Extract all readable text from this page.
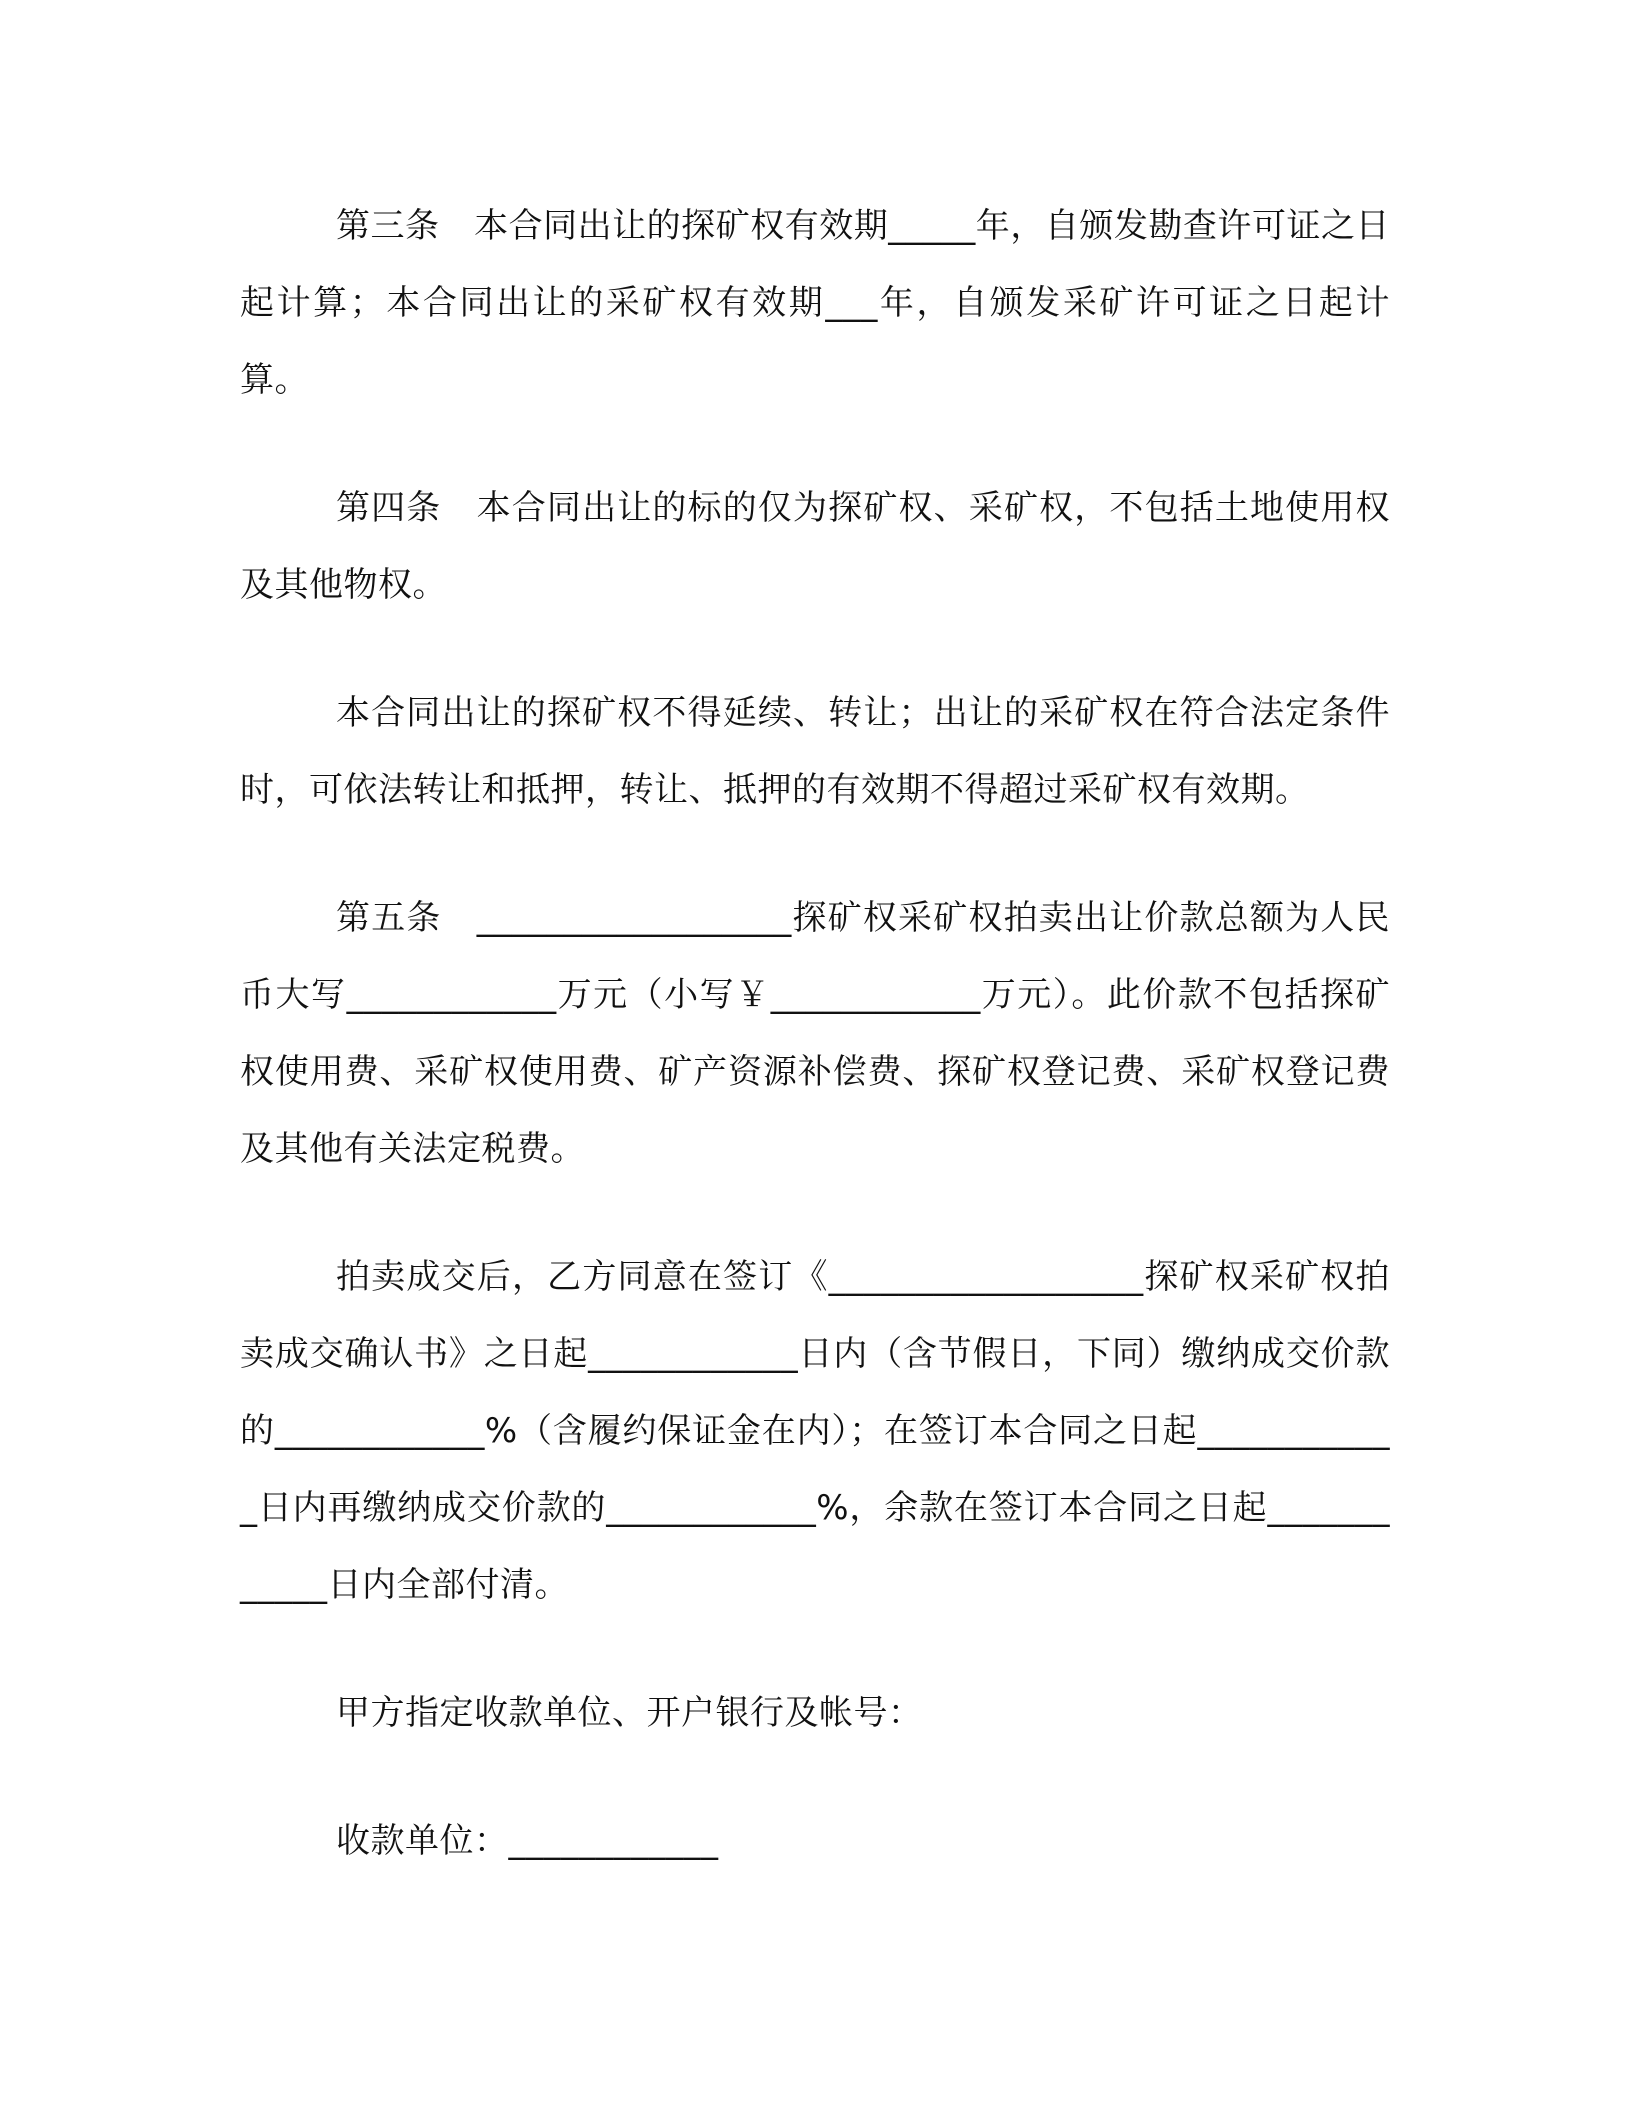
第三条　本合同出让的探矿权有效期_____年，自颁发勘查许可证之日起计算；本合同出让的采矿权有效期___年，自颁发采矿许可证之日起计算。

第四条　本合同出让的标的仅为探矿权、采矿权，不包括土地使用权及其他物权。

本合同出让的探矿权不得延续、转让；出让的采矿权在符合法定条件时，可依法转让和抵押，转让、抵押的有效期不得超过采矿权有效期。

第五条　__________________探矿权采矿权拍卖出让价款总额为人民币大写____________万元（小写￥____________万元）。此价款不包括探矿权使用费、采矿权使用费、矿产资源补偿费、探矿权登记费、采矿权登记费及其他有关法定税费。

拍卖成交后，乙方同意在签订《__________________探矿权采矿权拍卖成交确认书》之日起____________日内（含节假日，下同）缴纳成交价款的____________%（含履约保证金在内）；在签订本合同之日起____________日内再缴纳成交价款的____________%，余款在签订本合同之日起____________日内全部付清。

甲方指定收款单位、开户银行及帐号：

收款单位：____________
